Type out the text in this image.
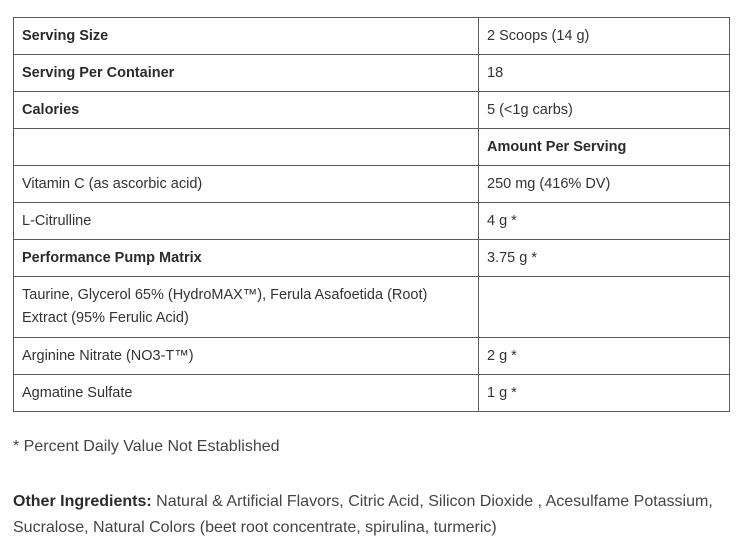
Serving Size	2 Scoops (14 g)
Serving Per Container	18
Calories	5 (<1g carbs)
	Amount Per Serving
Vitamin C (as ascorbic acid)	250 mg (416% DV)
L-Citrulline	4 g *
Performance Pump Matrix	3.75 g *
Taurine, Glycerol 65% (HydroMAX™), Ferula Asafoetida (Root) Extract (95% Ferulic Acid)	
Arginine Nitrate (NO3-T™)	2 g *
Agmatine Sulfate	1 g *
* Percent Daily Value Not Established
Other Ingredients: Natural & Artificial Flavors, Citric Acid, Silicon Dioxide , Acesulfame Potassium, Sucralose, Natural Colors (beet root concentrate, spirulina, turmeric)
